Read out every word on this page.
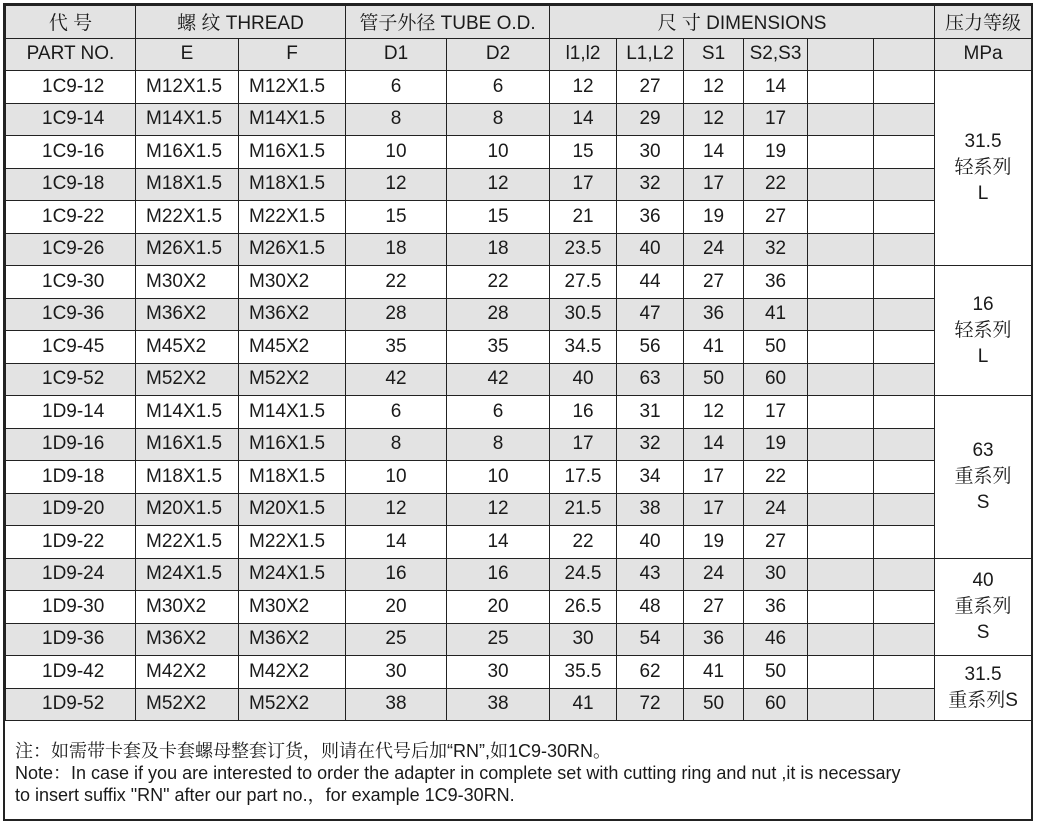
代 号	螺 纹 THREAD		管子外径 TUBE O.D.		尺 寸 DIMENSIONS						压力等级
PART NO.	E	F	D1	D2	l1,l2	L1,L2	S1	S2,S3			MPa
1C9-12	M12X1.5	M12X1.5	6	6	12	27	12	14			31.5
轻系列
L

1C9-14	M14X1.5	M14X1.5	8	8	14	29	12	17			
1C9-16	M16X1.5	M16X1.5	10	10	15	30	14	19			
1C9-18	M18X1.5	M18X1.5	12	12	17	32	17	22			
1C9-22	M22X1.5	M22X1.5	15	15	21	36	19	27			
1C9-26	M26X1.5	M26X1.5	18	18	23.5	40	24	32			
1C9-30	M30X2	M30X2	22	22	27.5	44	27	36			16
轻系列
L

1C9-36	M36X2	M36X2	28	28	30.5	47	36	41			
1C9-45	M45X2	M45X2	35	35	34.5	56	41	50			
1C9-52	M52X2	M52X2	42	42	40	63	50	60			
1D9-14	M14X1.5	M14X1.5	6	6	16	31	12	17			63
重系列
S

1D9-16	M16X1.5	M16X1.5	8	8	17	32	14	19			
1D9-18	M18X1.5	M18X1.5	10	10	17.5	34	17	22			
1D9-20	M20X1.5	M20X1.5	12	12	21.5	38	17	24			
1D9-22	M22X1.5	M22X1.5	14	14	22	40	19	27			
1D9-24	M24X1.5	M24X1.5	16	16	24.5	43	24	30			40
重系列
S

1D9-30	M30X2	M30X2	20	20	26.5	48	27	36			
1D9-36	M36X2	M36X2	25	25	30	54	36	46			
1D9-42	M42X2	M42X2	30	30	35.5	62	41	50			31.5
重系列S

1D9-52	M52X2	M52X2	38	38	41	72	50	60			
注：如需带卡套及卡套螺母整套订货，则请在代号后加“RN”,如1C9-30RN。
Note：In case if you are interested to order the adapter in complete set with cutting ring and nut ,it is necessary
to insert suffix "RN" after our part no.，for example 1C9-30RN.
